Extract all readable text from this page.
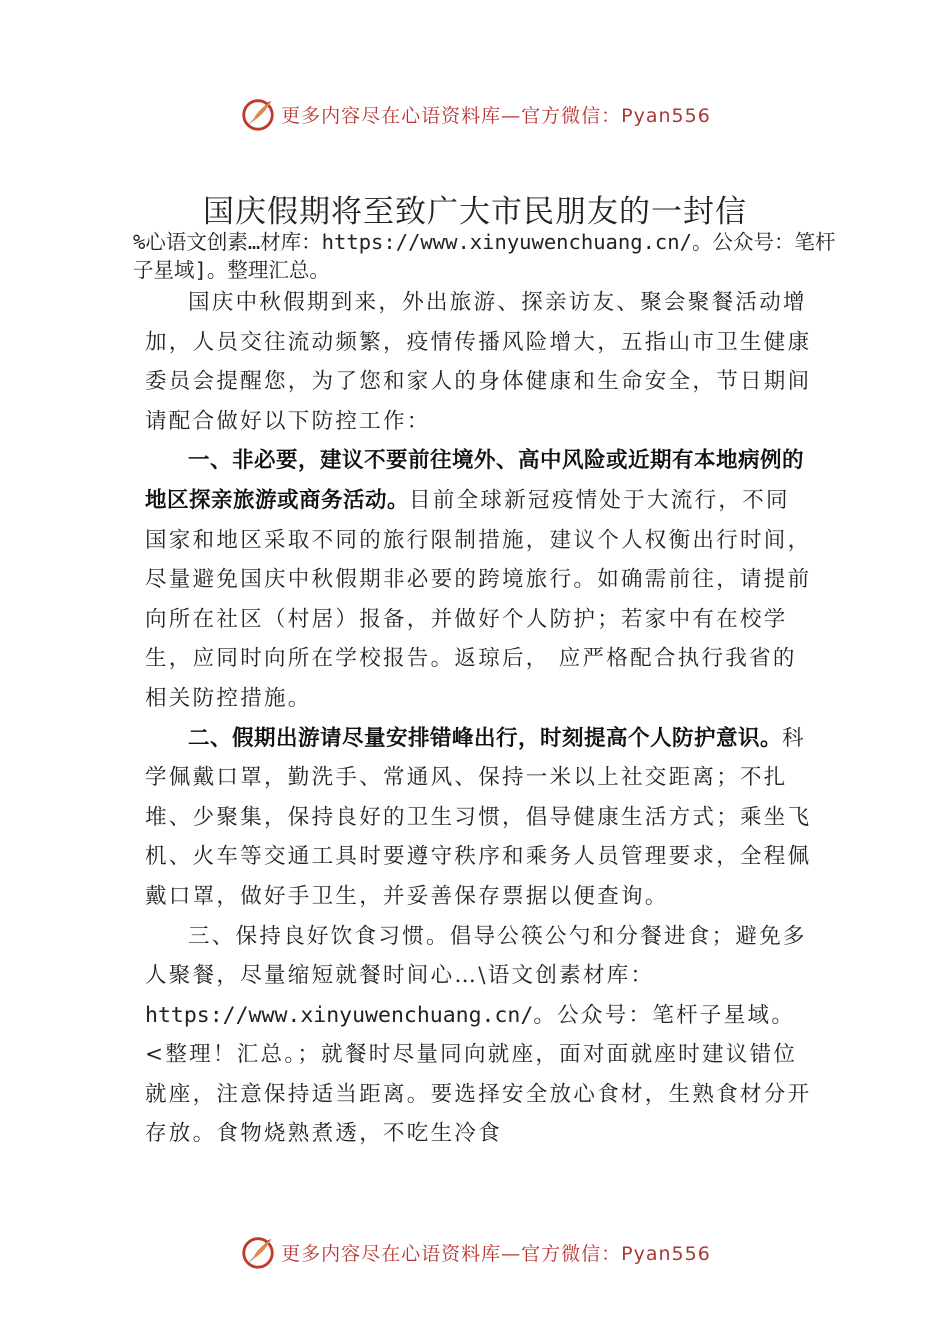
更多内容尽在心语资料库—官方微信：Pyan556
国庆假期将至致广大市民朋友的一封信
%心语文创素…材库：https://www.xinyuwenchuang.cn/。公众号：笔杆子星域]。整理汇总。

国庆中秋假期到来，外出旅游、探亲访友、聚会聚餐活动增加，人员交往流动频繁，疫情传播风险增大，五指山市卫生健康委员会提醒您，为了您和家人的身体健康和生命安全，节日期间请配合做好以下防控工作：

一、非必要，建议不要前往境外、高中风险或近期有本地病例的地区探亲旅游或商务活动。目前全球新冠疫情处于大流行，不同国家和地区采取不同的旅行限制措施，建议个人权衡出行时间，尽量避免国庆中秋假期非必要的跨境旅行。如确需前往，请提前向所在社区（村居）报备，并做好个人防护；若家中有在校学生，应同时向所在学校报告。返琼后， 应严格配合执行我省的相关防控措施。

二、假期出游请尽量安排错峰出行，时刻提高个人防护意识。科学佩戴口罩，勤洗手、常通风、保持一米以上社交距离；不扎堆、少聚集，保持良好的卫生习惯，倡导健康生活方式；乘坐飞机、火车等交通工具时要遵守秩序和乘务人员管理要求，全程佩戴口罩，做好手卫生，并妥善保存票据以便查询。

三、保持良好饮食习惯。倡导公筷公勺和分餐进食；避免多人聚餐，尽量缩短就餐时间心…\语文创素材库：https://www.xinyuwenchuang.cn/。公众号：笔杆子星域。<整理！汇总。；就餐时尽量同向就座，面对面就座时建议错位就座，注意保持适当距离。要选择安全放心食材，生熟食材分开存放。食物烧熟煮透，不吃生冷食

更多内容尽在心语资料库—官方微信：Pyan556
